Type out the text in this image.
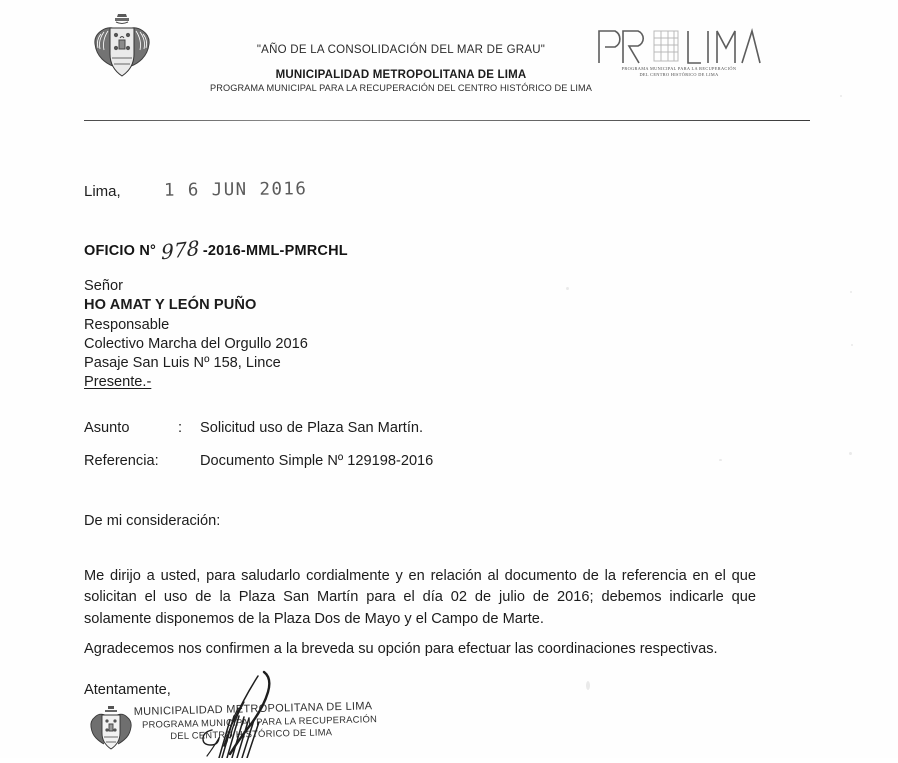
"AÑO DE LA CONSOLIDACIÓN DEL MAR DE GRAU"
MUNICIPALIDAD METROPOLITANA DE LIMA
PROGRAMA MUNICIPAL PARA LA RECUPERACIÓN DEL CENTRO HISTÓRICO DE LIMA
PROGRAMA MUNICIPAL PARA LA RECUPERACIÓN
DEL CENTRO HISTÓRICO DE LIMA
Lima, 1 6 JUN 2016
OFICIO N° 978 -2016-MML-PMRCHL
Señor
HO AMAT Y LEÓN PUÑO
Responsable
Colectivo Marcha del Orgullo 2016
Pasaje San Luis Nº 158, Lince
Presente.-
Asunto	:	Solicitud uso de Plaza San Martín.
Referencia:	Documento Simple Nº 129198-2016
De mi consideración:

Me dirijo a usted, para saludarlo cordialmente y en relación al documento de la referencia en el que solicitan el uso de la Plaza San Martín para el día 02 de julio de 2016; debemos indicarle que solamente disponemos de la Plaza Dos de Mayo y el Campo de Marte.

Agradecemos nos confirmen a la breveda su opción para efectuar las coordinaciones respectivas.

Atentamente,
MUNICIPALIDAD METROPOLITANA DE LIMA
PROGRAMA MUNICIPAL PARA LA RECUPERACIÓN
DEL CENTRO HISTÓRICO DE LIMA
